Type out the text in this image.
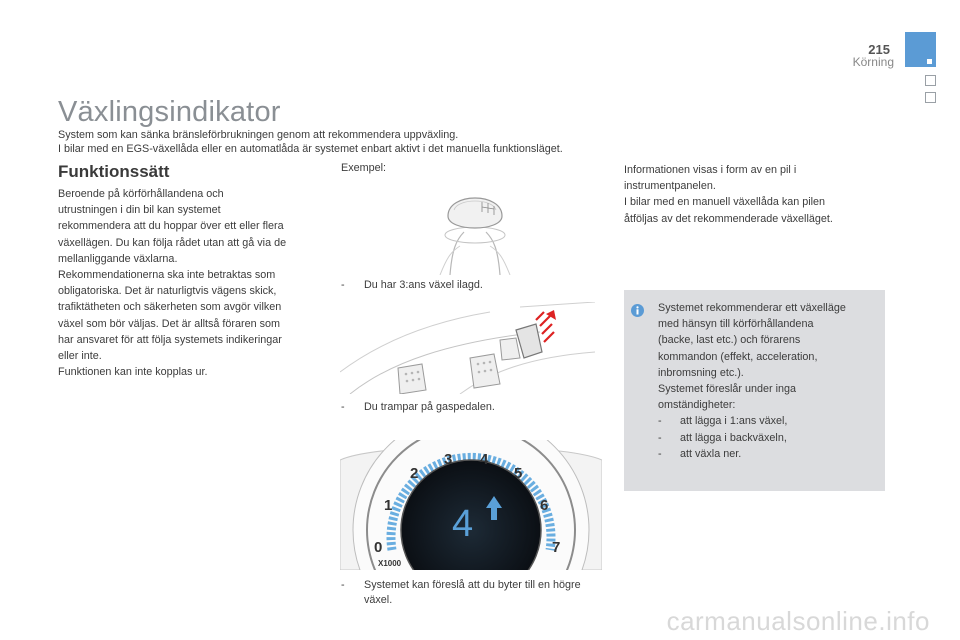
215
Körning
Växlingsindikator
System som kan sänka bränsleförbrukningen genom att rekommendera uppväxling.
I bilar med en EGS-växellåda eller en automatlåda är systemet enbart aktivt i det manuella funktionsläget.
Funktionssätt
Beroende på körförhållandena och
utrustningen i din bil kan systemet
rekommendera att du hoppar över ett eller flera
växellägen. Du kan följa rådet utan att gå via de
mellanliggande växlarna.
Rekommendationerna ska inte betraktas som
obligatoriska. Det är naturligtvis vägens skick,
trafiktätheten och säkerheten som avgör vilken
växel som bör väljas. Det är alltså föraren som
har ansvaret för att följa systemets indikeringar
eller inte.
Funktionen kan inte kopplas ur.
Exempel:
- Du har 3:ans växel ilagd.
- Du trampar på gaspedalen.
0
1
2
3 4
5
6
7
X1000
4
- Systemet kan föreslå att du byter till en högre växel.
Informationen visas i form av en pil i
instrumentpanelen.
I bilar med en manuell växellåda kan pilen
åtföljas av det rekommenderade växelläget.
Systemet rekommenderar ett växelläge
med hänsyn till körförhållandena
(backe, last etc.) och förarens
kommandon (effekt, acceleration,
inbromsning etc.).
Systemet föreslår under inga
omständigheter:
- att lägga i 1:ans växel,
- att lägga i backväxeln,
- att växla ner.
carmanualsonline.info
